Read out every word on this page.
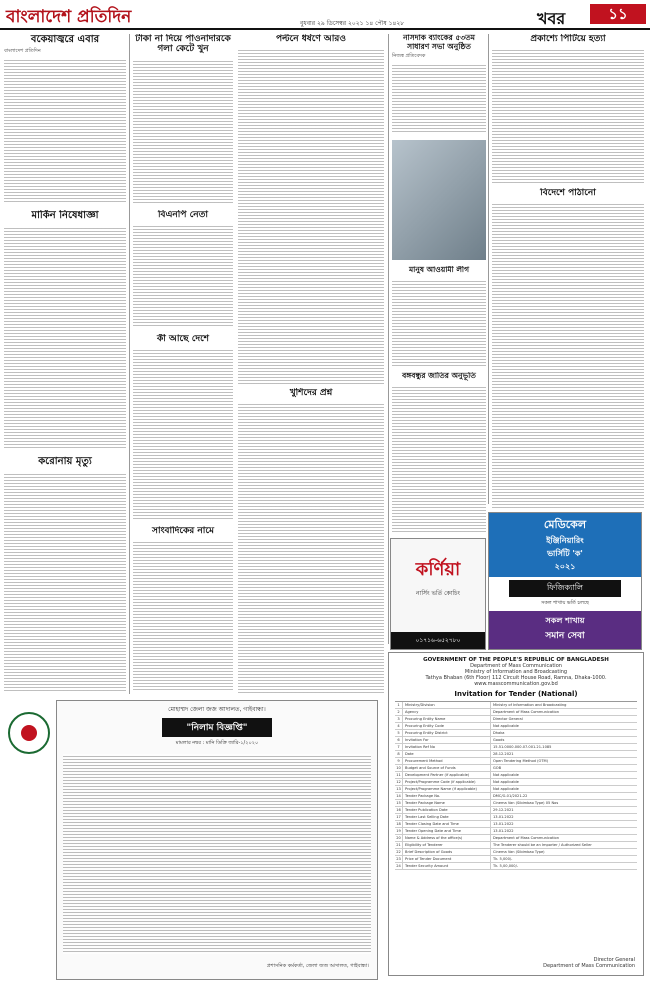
বাংলাদেশ প্রতিদিন	বুধবার ২৯ ডিসেম্বর ২০২১ ১৪ পৌষ ১৪২৮	খবর	১১
বকেয়াজ্বরে এবার
বাংলাদেশ প্রতিদিন
মার্কিন নিষেধাজ্ঞা
করোনায় মৃত্যু
টাকা না দিয়ে পাওনাদারকে গলা কেটে খুন
বিএনপি নেতা
কী আছে দেশে
সাংবাদিকের নামে
পল্টনে ধর্ষণে আরও
খুশিদের প্রশ্ন
নাসদাক ব্যাংকের ৫৩তম সাধারণ সভা অনুষ্ঠিত
নিজস্ব প্রতিবেদক
মানুষ আওয়ামী লীগ
বঙ্গবন্ধুর জাতির অনুভূতি
প্রকাশ্যে পিটিয়ে হত্যা
বিদেশে পাঠানো
কর্ণিয়া
নার্সিং ভর্তি কোচিং
০১৭১৬-৬৫২৭৮০
মেডিকেল
ইঞ্জিনিয়ারিং
ভার্সিটি 'ক'
২০২১
ফিজিক্যালি
সকল শাখায় ভর্তি চলছে
সকল শাখায়
সমান সেবা
মোহাম্মদ জেলা জজ আদালত, গাইবান্ধা।
"নিলাম বিজ্ঞপ্তি"
মামলার নম্বর : মানি ডিক্রি জারি-১/২০২০
প্রশাসনিক কর্মকর্তা, জেলা জজ আদালত, গাইবান্ধা।
GOVERNMENT OF THE PEOPLE'S REPUBLIC OF BANGLADESH
Department of Mass Communication
Ministry of Information and Broadcasting
Tathya Bhaban (6th Floor) 112 Circuit House Road, Ramna, Dhaka-1000.
www.masscommunication.gov.bd
Invitation for Tender (National)
1	Ministry/Division	Ministry of Information and Broadcasting
2	Agency	Department of Mass Communication
3	Procuring Entity Name	Director General
4	Procuring Entity Code	Not applicable
5	Procuring Entity District	Dhaka
6	Invitation For	Goods
7	Invitation Ref No	15.51.0000.000.07.001.21-1085
8	Date	28.12.2021
9	Procurement Method	Open Tendering Method (OTM)
10	Budget and Source of Funds	GOB
11	Development Partner (if applicable)	Not applicable
12	Project/Programme Code (if applicable)	Not applicable
13	Project/Programme Name (if applicable)	Not applicable
14	Tender Package No.	DMC/G-01/2021-22
15	Tender Package Name	Cinema Van (Sibimbao Type) 05 Nos
16	Tender Publication Date	29.12.2021
17	Tender Last Selling Date	13.01.2022
18	Tender Closing Date and Time	13.01.2022
19	Tender Opening Date and Time	13.01.2022
20	Name & Address of the office(s)	Department of Mass Communication
21	Eligibility of Tenderer	The Tenderer should be an Importer / Authorized Seller
22	Brief Description of Goods	Cinema Van (Sibimbao Type)
23	Price of Tender Document	Tk. 5,000/-
24	Tender Security Amount	Tk. 5,00,000/-
Director General
Department of Mass Communication
